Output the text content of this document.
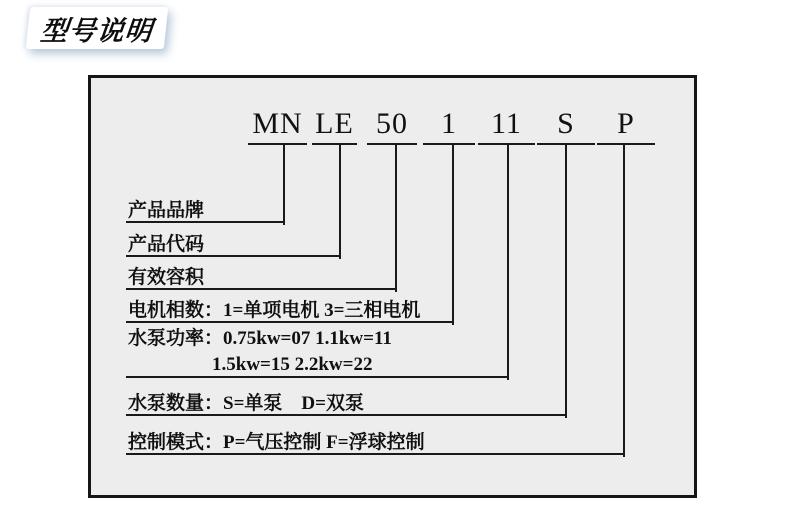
型号说明
MN LE 50	1	11	S	P
产品品牌
产品代码
有效容积
电机相数：1=单项电机 3=三相电机
水泵功率：0.75kw=07 1.1kw=11
1.5kw=15 2.2kw=22
水泵数量：S=单泵　D=双泵
控制模式：P=气压控制 F=浮球控制
